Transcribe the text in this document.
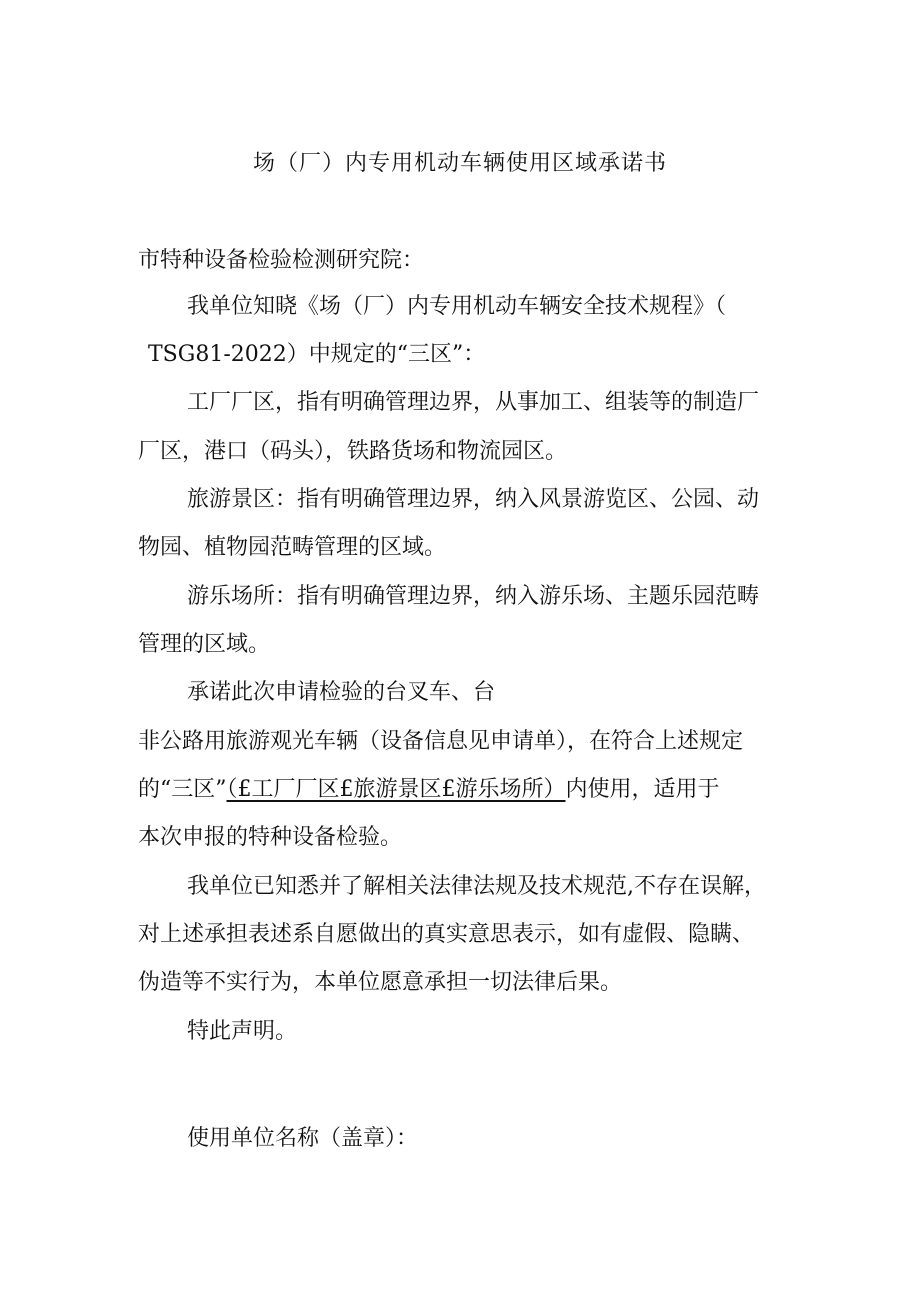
场（厂）内专用机动车辆使用区域承诺书
市特种设备检验检测研究院：
我单位知晓《场（厂）内专用机动车辆安全技术规程》（
TSG81-2022）中规定的“三区”：
工厂厂区，指有明确管理边界，从事加工、组装等的制造厂
厂区，港口（码头），铁路货场和物流园区。
旅游景区：指有明确管理边界，纳入风景游览区、公园、动
物园、植物园范畴管理的区域。
游乐场所：指有明确管理边界，纳入游乐场、主题乐园范畴
管理的区域。
承诺此次申请检验的台叉车、台
非公路用旅游观光车辆（设备信息见申请单），在符合上述规定
的“三区”（£工厂厂区£旅游景区£游乐场所）内使用，适用于
本次申报的特种设备检验。
我单位已知悉并了解相关法律法规及技术规范,不存在误解，
对上述承担表述系自愿做出的真实意思表示，如有虚假、隐瞒、
伪造等不实行为，本单位愿意承担一切法律后果。
特此声明。
使用单位名称（盖章）：
